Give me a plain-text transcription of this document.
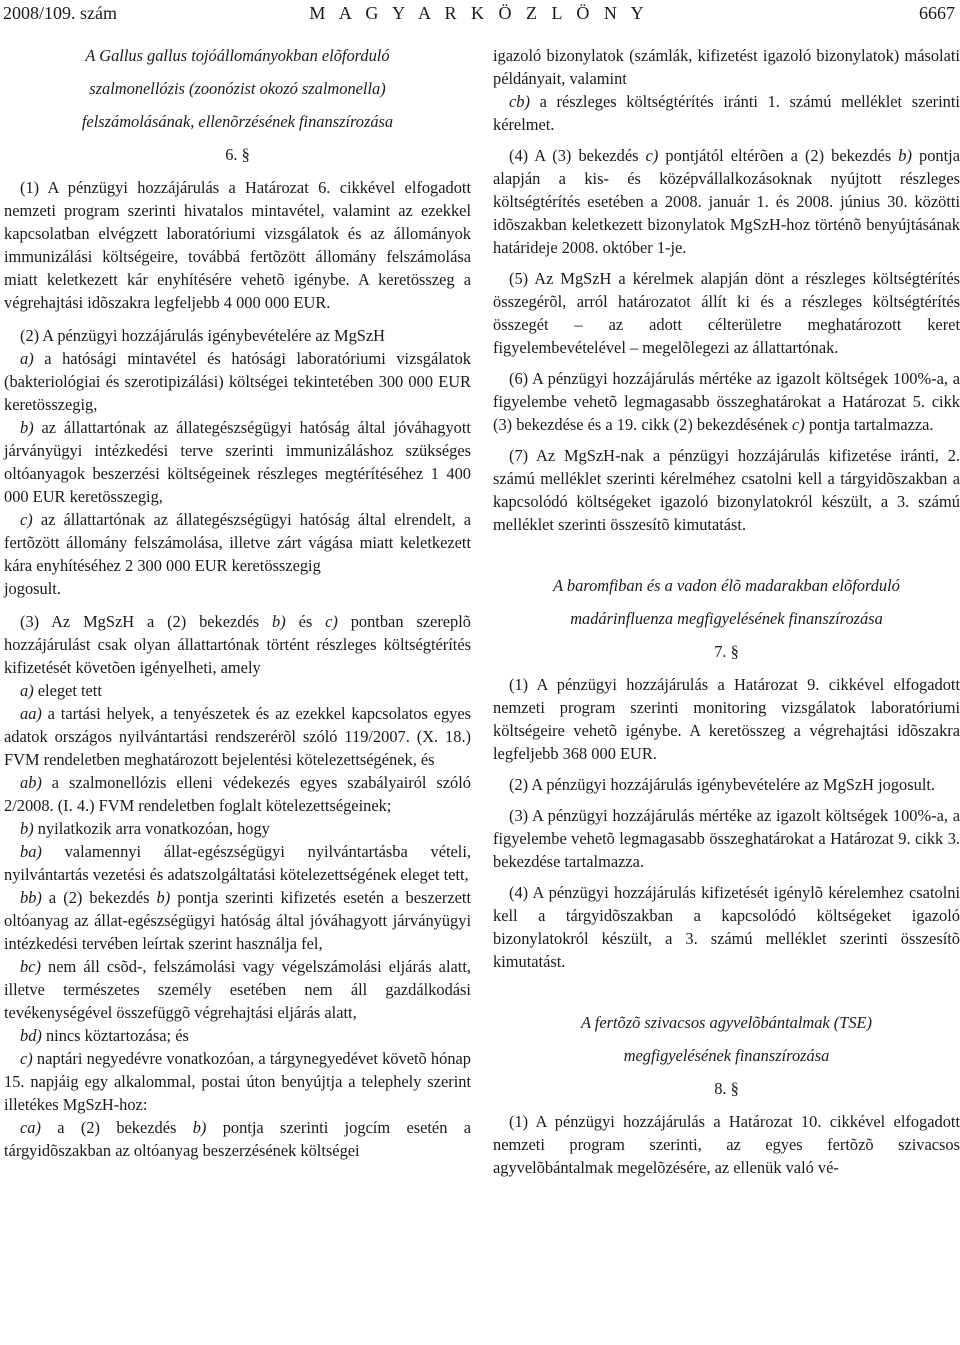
2008/109. szám	M A G Y A R K Ö Z L Ö N Y	6667

A Gallus gallus tojóállományokban elõforduló

szalmonellózis (zoonózist okozó szalmonella)

felszámolásának, ellenõrzésének finanszírozása

6. §

(1) A pénzügyi hozzájárulás a Határozat 6. cikkével elfogadott nemzeti program szerinti hivatalos mintavétel, valamint az ezekkel kapcsolatban elvégzett laboratóriumi vizsgálatok és az állományok immunizálási költségeire, továbbá fertõzött állomány felszámolása miatt keletkezett kár enyhítésére vehetõ igénybe. A keretösszeg a végrehajtási idõszakra legfeljebb 4 000 000 EUR.

(2) A pénzügyi hozzájárulás igénybevételére az MgSzH

a) a hatósági mintavétel és hatósági laboratóriumi vizsgálatok (bakteriológiai és szerotipizálási) költségei tekintetében 300 000 EUR keretösszegig,

b) az állattartónak az állategészségügyi hatóság által jóváhagyott járványügyi intézkedési terve szerinti immunizáláshoz szükséges oltóanyagok beszerzési költségeinek részleges megtérítéséhez 1 400 000 EUR keretösszegig,

c) az állattartónak az állategészségügyi hatóság által elrendelt, a fertõzött állomány felszámolása, illetve zárt vágása miatt keletkezett kára enyhítéséhez 2 300 000 EUR keretösszegig

jogosult.

(3) Az MgSzH a (2) bekezdés b) és c) pontban szereplõ hozzájárulást csak olyan állattartónak történt részleges költségtérítés kifizetését követõen igényelheti, amely

a) eleget tett

aa) a tartási helyek, a tenyészetek és az ezekkel kapcsolatos egyes adatok országos nyilvántartási rendszerérõl szóló 119/2007. (X. 18.) FVM rendeletben meghatározott bejelentési kötelezettségének, és

ab) a szalmonellózis elleni védekezés egyes szabályairól szóló 2/2008. (I. 4.) FVM rendeletben foglalt kötelezettségeinek;

b) nyilatkozik arra vonatkozóan, hogy

ba) valamennyi állat-egészségügyi nyilvántartásba vételi, nyilvántartás vezetési és adatszolgáltatási kötelezettségének eleget tett,

bb) a (2) bekezdés b) pontja szerinti kifizetés esetén a beszerzett oltóanyag az állat-egészségügyi hatóság által jóváhagyott járványügyi intézkedési tervében leírtak szerint használja fel,

bc) nem áll csõd-, felszámolási vagy végelszámolási eljárás alatt, illetve természetes személy esetében nem áll gazdálkodási tevékenységével összefüggõ végrehajtási eljárás alatt,

bd) nincs köztartozása; és

c) naptári negyedévre vonatkozóan, a tárgynegyedévet követõ hónap 15. napjáig egy alkalommal, postai úton benyújtja a telephely szerint illetékes MgSzH-hoz:

ca) a (2) bekezdés b) pontja szerinti jogcím esetén a tárgyidõszakban az oltóanyag beszerzésének költségei

igazoló bizonylatok (számlák, kifizetést igazoló bizonylatok) másolati példányait, valamint

cb) a részleges költségtérítés iránti 1. számú melléklet szerinti kérelmet.

(4) A (3) bekezdés c) pontjától eltérõen a (2) bekezdés b) pontja alapján a kis- és középvállalkozásoknak nyújtott részleges költségtérítés esetében a 2008. január 1. és 2008. június 30. közötti idõszakban keletkezett bizonylatok MgSzH-hoz történõ benyújtásának határideje 2008. október 1-je.

(5) Az MgSzH a kérelmek alapján dönt a részleges költségtérítés összegérõl, arról határozatot állít ki és a részleges költségtérítés összegét – az adott célterületre meghatározott keret figyelembevételével – megelõlegezi az állattartónak.

(6) A pénzügyi hozzájárulás mértéke az igazolt költségek 100%-a, a figyelembe vehetõ legmagasabb összeghatárokat a Határozat 5. cikk (3) bekezdése és a 19. cikk (2) bekezdésének c) pontja tartalmazza.

(7) Az MgSzH-nak a pénzügyi hozzájárulás kifizetése iránti, 2. számú melléklet szerinti kérelméhez csatolni kell a tárgyidõszakban a kapcsolódó költségeket igazoló bizonylatokról készült, a 3. számú melléklet szerinti összesítõ kimutatást.

A baromfiban és a vadon élõ madarakban elõforduló

madárinfluenza megfigyelésének finanszírozása

7. §

(1) A pénzügyi hozzájárulás a Határozat 9. cikkével elfogadott nemzeti program szerinti monitoring vizsgálatok laboratóriumi költségeire vehetõ igénybe. A keretösszeg a végrehajtási idõszakra legfeljebb 368 000 EUR.

(2) A pénzügyi hozzájárulás igénybevételére az MgSzH jogosult.

(3) A pénzügyi hozzájárulás mértéke az igazolt költségek 100%-a, a figyelembe vehetõ legmagasabb összeghatárokat a Határozat 9. cikk 3. bekezdése tartalmazza.

(4) A pénzügyi hozzájárulás kifizetését igénylõ kérelemhez csatolni kell a tárgyidõszakban a kapcsolódó költségeket igazoló bizonylatokról készült, a 3. számú melléklet szerinti összesítõ kimutatást.

A fertõzõ szivacsos agyvelõbántalmak (TSE)

megfigyelésének finanszírozása

8. §

(1) A pénzügyi hozzájárulás a Határozat 10. cikkével elfogadott nemzeti program szerinti, az egyes fertõzõ szivacsos agyvelõbántalmak megelõzésére, az ellenük való vé-
